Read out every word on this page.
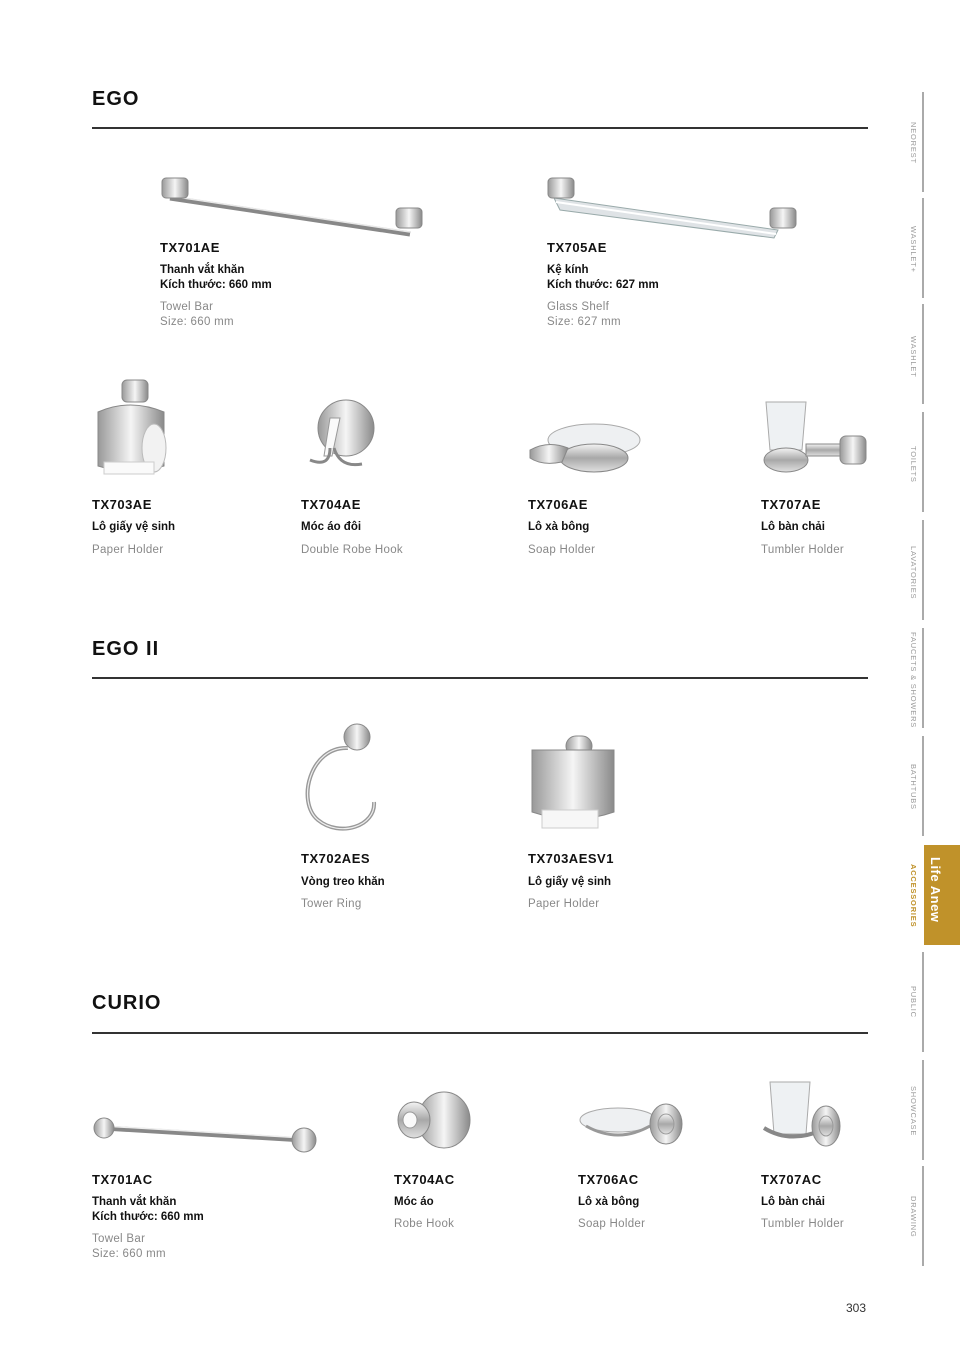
EGO
EGO II
CURIO
TX701AE
Thanh vắt khăn
Kích thước: 660 mm
Towel Bar
Size: 660 mm
TX705AE
Kệ kính
Kích thước: 627 mm
Glass Shelf
Size: 627 mm
TX703AE
Lô giấy vệ sinh
Paper Holder
TX704AE
Móc áo đôi
Double Robe Hook
TX706AE
Lô xà bông
Soap Holder
TX707AE
Lô bàn chải
Tumbler Holder
TX702AES
Vòng treo khăn
Tower Ring
TX703AESV1
Lô giấy vệ sinh
Paper Holder
TX701AC
Thanh vắt khăn
Kích thước: 660 mm
Towel Bar
Size: 660 mm
TX704AC
Móc áo
Robe Hook
TX706AC
Lô xà bông
Soap Holder
TX707AC
Lô bàn chải
Tumbler Holder
NEOREST
WASHLET+
WASHLET
TOILETS
LAVATORIES
FAUCETS & SHOWERS
BATHTUBS
ACCESSORIES Life Anew
PUBLIC
SHOWCASE
DRAWING
303
